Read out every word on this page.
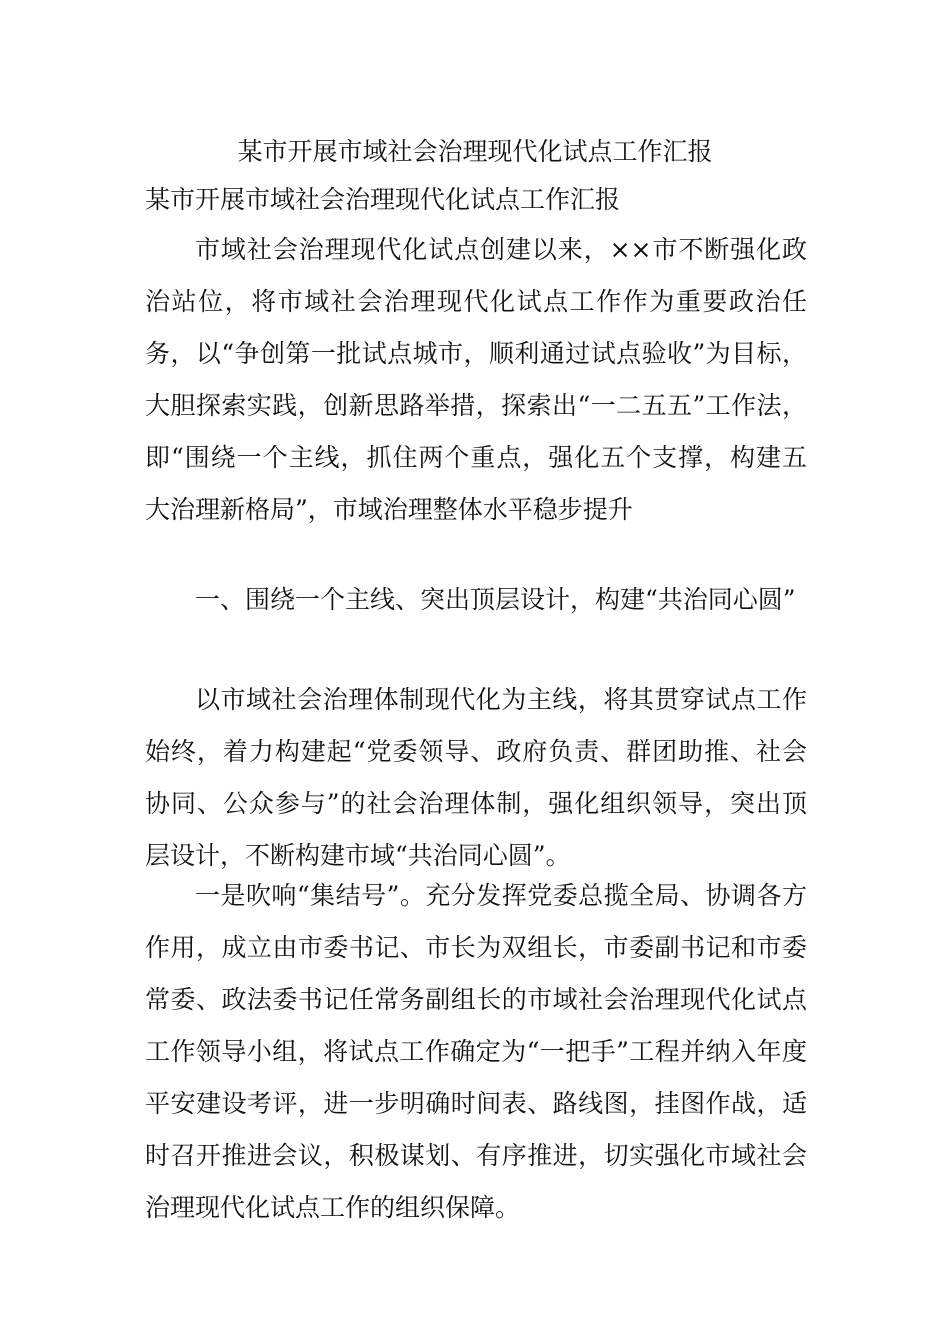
某市开展市域社会治理现代化试点工作汇报
某市开展市域社会治理现代化试点工作汇报

市域社会治理现代化试点创建以来，××市不断强化政治站位，将市域社会治理现代化试点工作作为重要政治任务，以“争创第一批试点城市，顺利通过试点验收”为目标，大胆探索实践，创新思路举措，探索出“一二五五”工作法，即“围绕一个主线，抓住两个重点，强化五个支撑，构建五大治理新格局”，市域治理整体水平稳步提升

一、围绕一个主线、突出顶层设计，构建“共治同心圆”

以市域社会治理体制现代化为主线，将其贯穿试点工作始终，着力构建起“党委领导、政府负责、群团助推、社会协同、公众参与”的社会治理体制，强化组织领导，突出顶层设计，不断构建市域“共治同心圆”。

一是吹响“集结号”。充分发挥党委总揽全局、协调各方作用，成立由市委书记、市长为双组长，市委副书记和市委常委、政法委书记任常务副组长的市域社会治理现代化试点工作领导小组，将试点工作确定为“一把手”工程并纳入年度平安建设考评，进一步明确时间表、路线图，挂图作战，适时召开推进会议，积极谋划、有序推进，切实强化市域社会治理现代化试点工作的组织保障。
